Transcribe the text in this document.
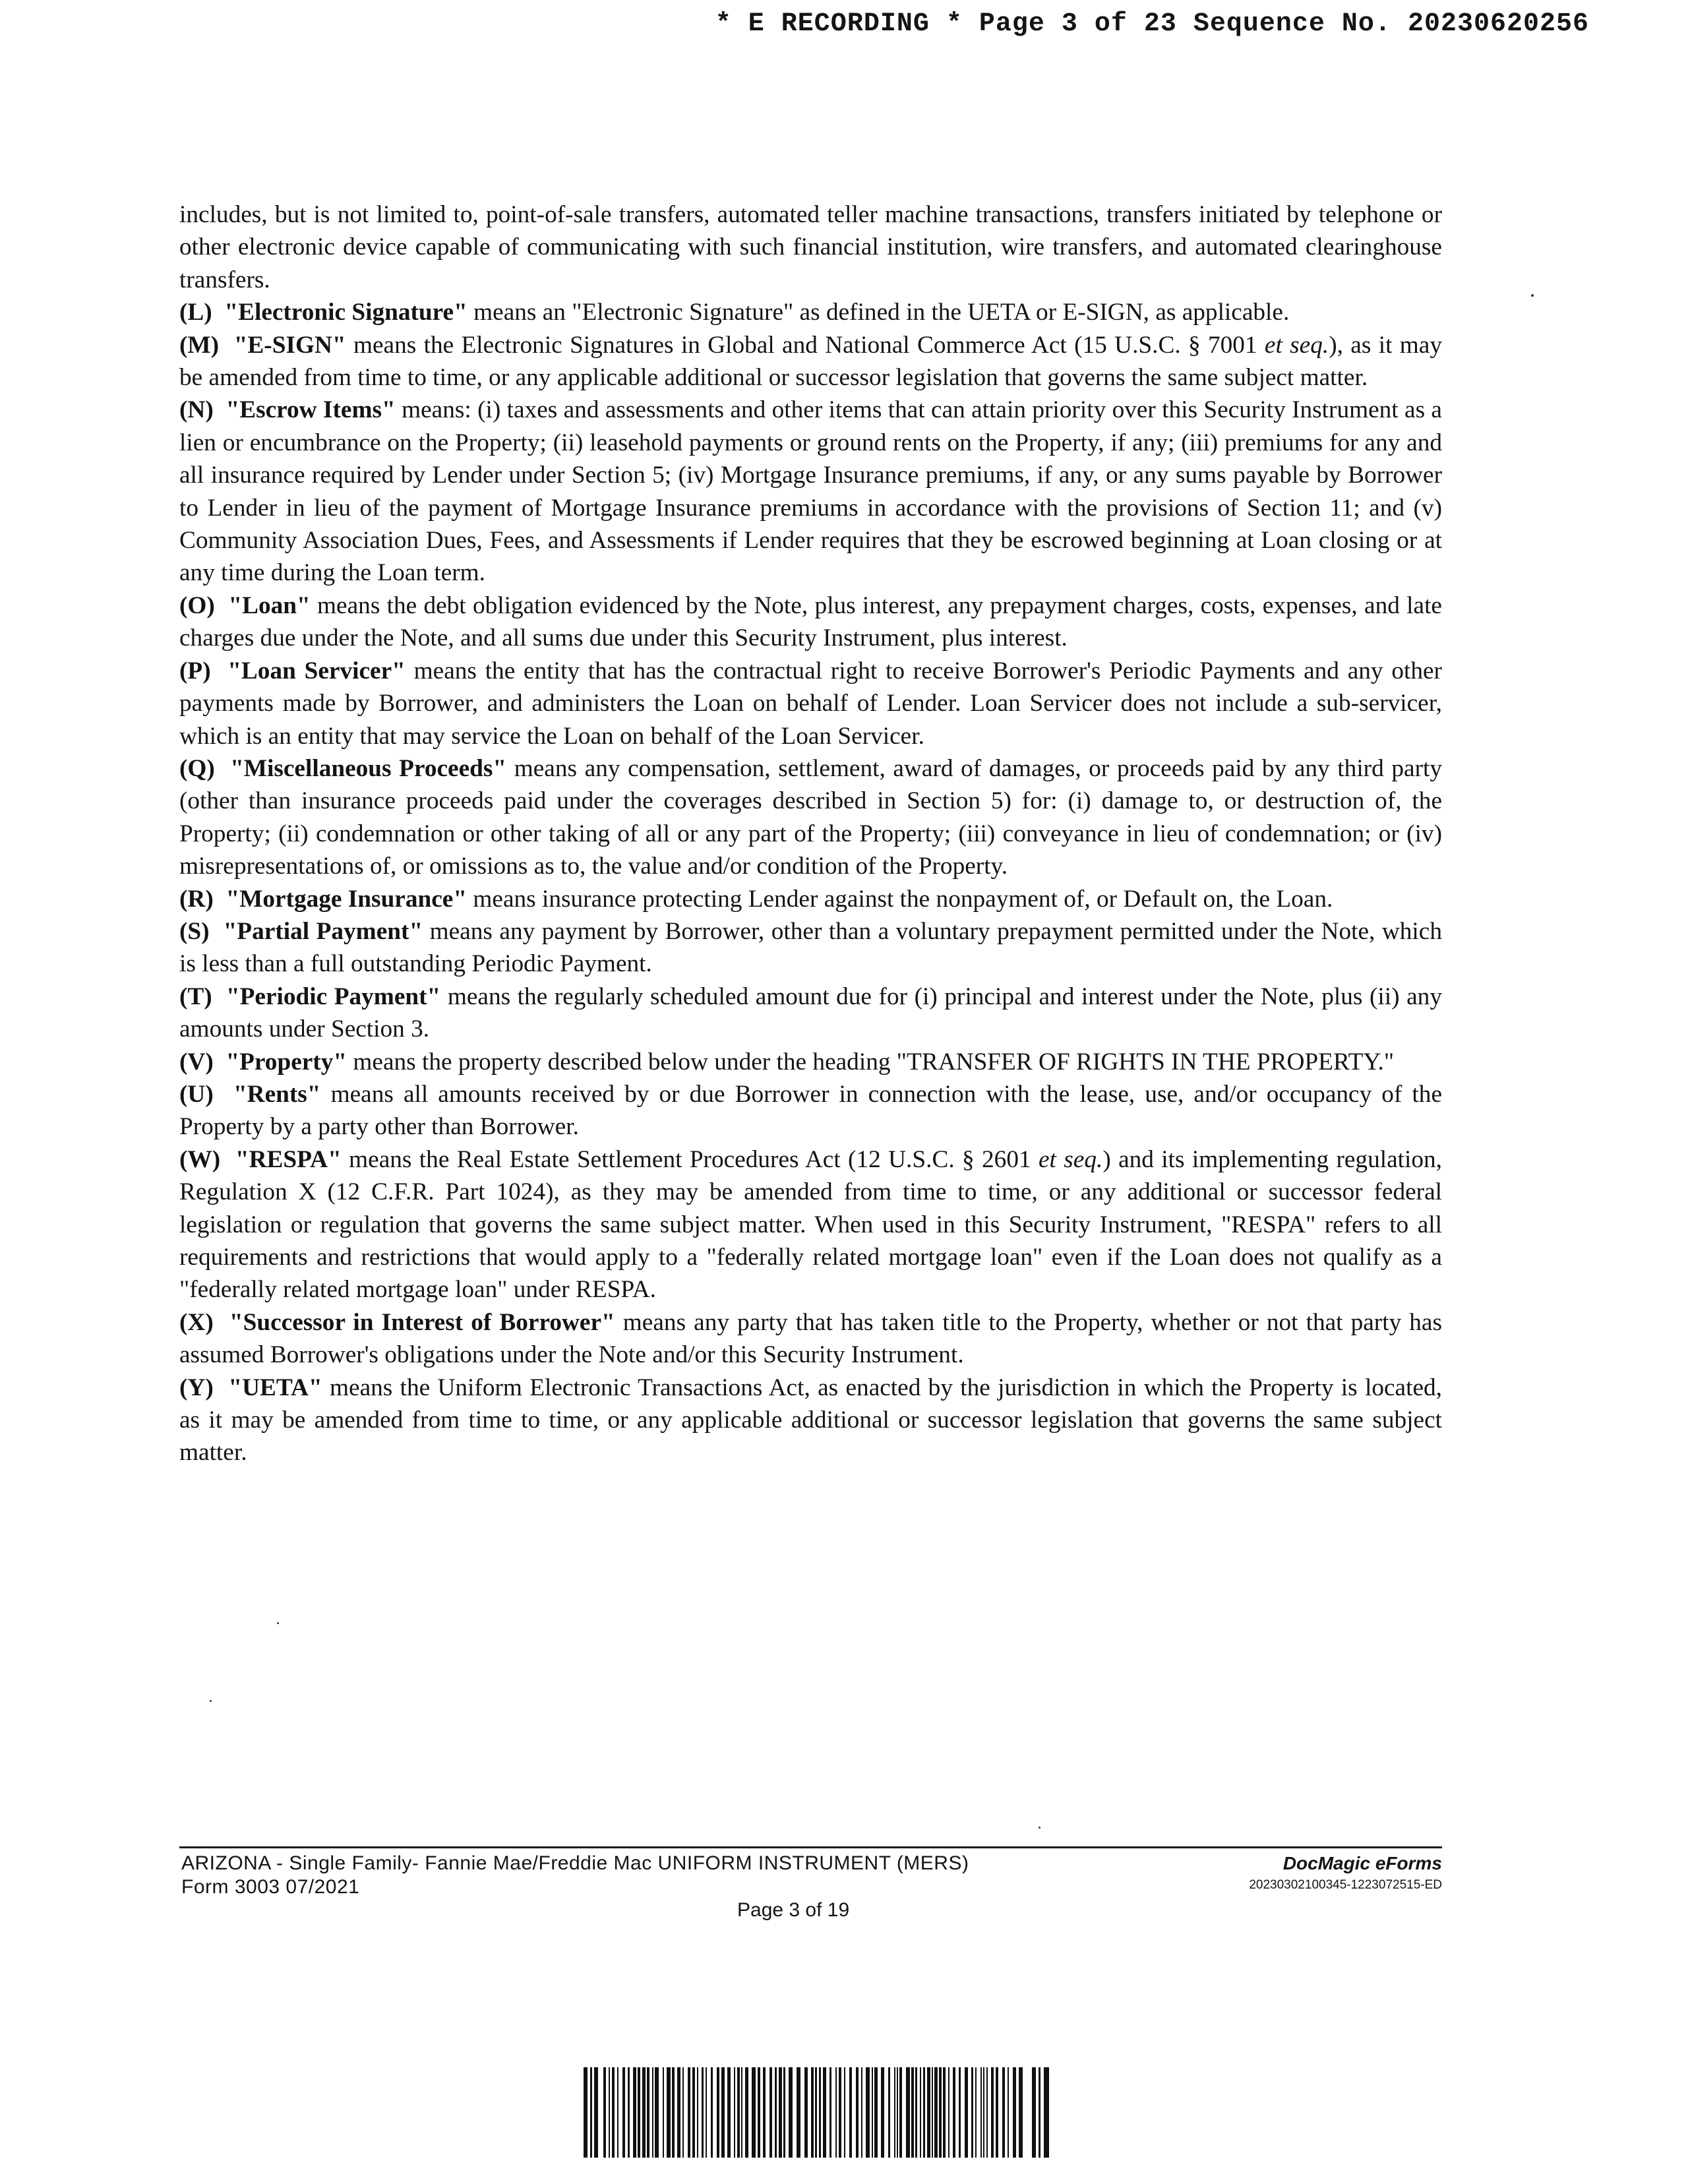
* E RECORDING * Page 3 of 23 Sequence No. 20230620256

includes, but is not limited to, point-of-sale transfers, automated teller machine transactions, transfers initiated by telephone or other electronic device capable of communicating with such financial institution, wire transfers, and automated clearinghouse transfers.

(L) "Electronic Signature" means an "Electronic Signature" as defined in the UETA or E-SIGN, as applicable.

(M) "E-SIGN" means the Electronic Signatures in Global and National Commerce Act (15 U.S.C. § 7001 et seq.), as it may be amended from time to time, or any applicable additional or successor legislation that governs the same subject matter.

(N) "Escrow Items" means: (i) taxes and assessments and other items that can attain priority over this Security Instrument as a lien or encumbrance on the Property; (ii) leasehold payments or ground rents on the Property, if any; (iii) premiums for any and all insurance required by Lender under Section 5; (iv) Mortgage Insurance premiums, if any, or any sums payable by Borrower to Lender in lieu of the payment of Mortgage Insurance premiums in accordance with the provisions of Section 11; and (v) Community Association Dues, Fees, and Assessments if Lender requires that they be escrowed beginning at Loan closing or at any time during the Loan term.

(O) "Loan" means the debt obligation evidenced by the Note, plus interest, any prepayment charges, costs, expenses, and late charges due under the Note, and all sums due under this Security Instrument, plus interest.

(P) "Loan Servicer" means the entity that has the contractual right to receive Borrower's Periodic Payments and any other payments made by Borrower, and administers the Loan on behalf of Lender. Loan Servicer does not include a sub-servicer, which is an entity that may service the Loan on behalf of the Loan Servicer.

(Q) "Miscellaneous Proceeds" means any compensation, settlement, award of damages, or proceeds paid by any third party (other than insurance proceeds paid under the coverages described in Section 5) for: (i) damage to, or destruction of, the Property; (ii) condemnation or other taking of all or any part of the Property; (iii) conveyance in lieu of condemnation; or (iv) misrepresentations of, or omissions as to, the value and/or condition of the Property.

(R) "Mortgage Insurance" means insurance protecting Lender against the nonpayment of, or Default on, the Loan.

(S) "Partial Payment" means any payment by Borrower, other than a voluntary prepayment permitted under the Note, which is less than a full outstanding Periodic Payment.

(T) "Periodic Payment" means the regularly scheduled amount due for (i) principal and interest under the Note, plus (ii) any amounts under Section 3.

(V) "Property" means the property described below under the heading "TRANSFER OF RIGHTS IN THE PROPERTY."

(U) "Rents" means all amounts received by or due Borrower in connection with the lease, use, and/or occupancy of the Property by a party other than Borrower.

(W) "RESPA" means the Real Estate Settlement Procedures Act (12 U.S.C. § 2601 et seq.) and its implementing regulation, Regulation X (12 C.F.R. Part 1024), as they may be amended from time to time, or any additional or successor federal legislation or regulation that governs the same subject matter. When used in this Security Instrument, "RESPA" refers to all requirements and restrictions that would apply to a "federally related mortgage loan" even if the Loan does not qualify as a "federally related mortgage loan" under RESPA.

(X) "Successor in Interest of Borrower" means any party that has taken title to the Property, whether or not that party has assumed Borrower's obligations under the Note and/or this Security Instrument.

(Y) "UETA" means the Uniform Electronic Transactions Act, as enacted by the jurisdiction in which the Property is located, as it may be amended from time to time, or any applicable additional or successor legislation that governs the same subject matter.

ARIZONA - Single Family- Fannie Mae/Freddie Mac UNIFORM INSTRUMENT (MERS)
Form 3003 07/2021
Page 3 of 19
DocMagic eForms
20230302100345-1223072515-ED
